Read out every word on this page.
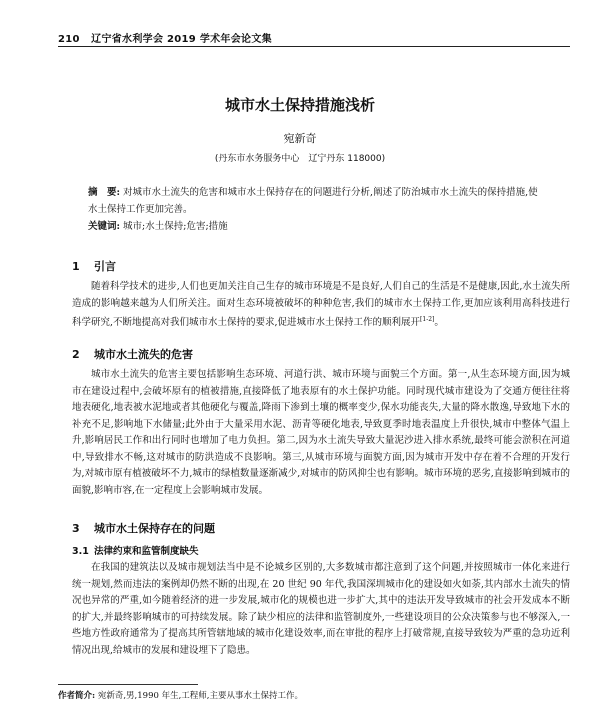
210 辽宁省水利学会 2019 学术年会论文集
城市水土保持措施浅析
宛新奇
(丹东市水务服务中心　辽宁丹东 118000)
摘　要: 对城市水土流失的危害和城市水土保持存在的问题进行分析,阐述了防治城市水土流失的保持措施,使水土保持工作更加完善。
关键词: 城市;水土保持;危害;措施
1 引言
随着科学技术的进步,人们也更加关注自己生存的城市环境是不是良好,人们自己的生活是不是健康,因此,水土流失所造成的影响越来越为人们所关注。面对生态环境被破坏的种种危害,我们的城市水土保持工作,更加应该利用高科技进行科学研究,不断地提高对我们城市水土保持的要求,促进城市水土保持工作的顺利展开[1-2]。
2 城市水土流失的危害
城市水土流失的危害主要包括影响生态环境、河道行洪、城市环境与面貌三个方面。第一,从生态环境方面,因为城市在建设过程中,会破坏原有的植被措施,直接降低了地表原有的水土保护功能。同时现代城市建设为了交通方便往往将地表硬化,地表被水泥地或者其他硬化与覆盖,降雨下渗到土壤的概率变少,保水功能丧失,大量的降水散逸,导致地下水的补充不足,影响地下水储量;此外由于大量采用水泥、沥青等硬化地表,导致夏季时地表温度上升很快,城市中整体气温上升,影响居民工作和出行同时也增加了电力负担。第二,因为水土流失导致大量泥沙进入排水系统,最终可能会淤积在河道中,导致排水不畅,这对城市的防洪造成不良影响。第三,从城市环境与面貌方面,因为城市开发中存在着不合理的开发行为,对城市原有植被破坏不力,城市的绿植数量逐渐减少,对城市的防风抑尘也有影响。城市环境的恶劣,直接影响到城市的面貌,影响市容,在一定程度上会影响城市发展。
3 城市水土保持存在的问题
3.1 法律约束和监管制度缺失
在我国的建筑法以及城市规划法当中是不论城乡区别的,大多数城市都注意到了这个问题,并按照城市一体化来进行统一规划,然而违法的案例却仍然不断的出现,在 20 世纪 90 年代,我国深圳城市化的建设如火如荼,其内部水土流失的情况也异常的严重,如今随着经济的进一步发展,城市化的规模也进一步扩大,其中的违法开发导致城市的社会开发成本不断的扩大,并最终影响城市的可持续发展。除了缺少相应的法律和监管制度外,一些建设项目的公众决策参与也不够深入,一些地方性政府通常为了提高其所管辖地域的城市化建设效率,而在审批的程序上打破常规,直接导致较为严重的急功近利情况出现,给城市的发展和建设埋下了隐患。
作者简介: 宛新奇,男,1990 年生,工程师,主要从事水土保持工作。
